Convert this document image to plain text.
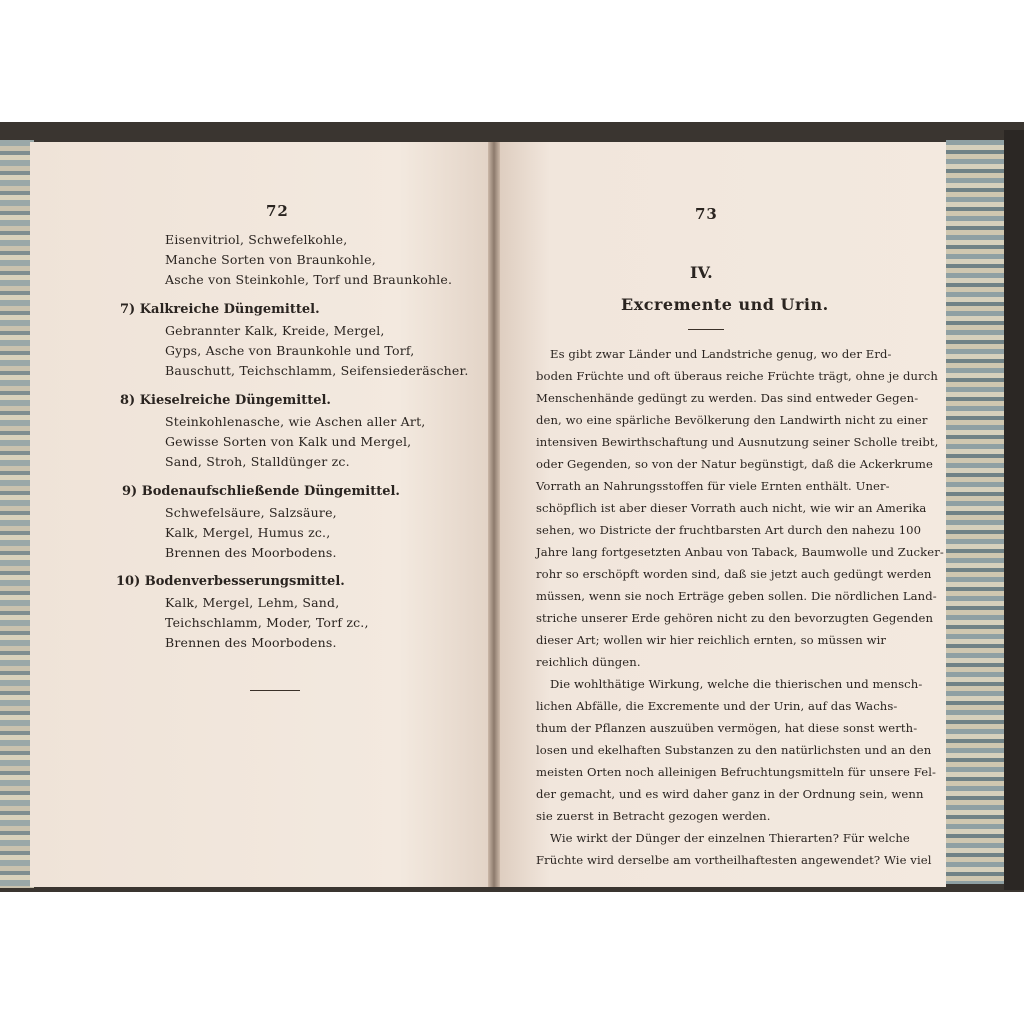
72
Eisenvitriol, Schwefelkohle,
Manche Sorten von Braunkohle,
Asche von Steinkohle, Torf und Braunkohle.
7) Kalkreiche Düngemittel.
Gebrannter Kalk, Kreide, Mergel,
Gyps, Asche von Braunkohle und Torf,
Bauschutt, Teichschlamm, Seifensiederäscher.
8) Kieselreiche Düngemittel.
Steinkohlenasche, wie Aschen aller Art,
Gewisse Sorten von Kalk und Mergel,
Sand, Stroh, Stalldünger zc.
9) Bodenaufschließende Düngemittel.
Schwefelsäure, Salzsäure,
Kalk, Mergel, Humus zc.,
Brennen des Moorbodens.
10) Bodenverbesserungsmittel.
Kalk, Mergel, Lehm, Sand,
Teichschlamm, Moder, Torf zc.,
Brennen des Moorbodens.
73
IV.
Excremente und Urin.
Es gibt zwar Länder und Landstriche genug, wo der Erd-
boden Früchte und oft überaus reiche Früchte trägt, ohne je durch
Menschenhände gedüngt zu werden. Das sind entweder Gegen-
den, wo eine spärliche Bevölkerung den Landwirth nicht zu einer
intensiven Bewirthschaftung und Ausnutzung seiner Scholle treibt,
oder Gegenden, so von der Natur begünstigt, daß die Ackerkrume
Vorrath an Nahrungsstoffen für viele Ernten enthält. Uner-
schöpflich ist aber dieser Vorrath auch nicht, wie wir an Amerika
sehen, wo Districte der fruchtbarsten Art durch den nahezu 100
Jahre lang fortgesetzten Anbau von Taback, Baumwolle und Zucker-
rohr so erschöpft worden sind, daß sie jetzt auch gedüngt werden
müssen, wenn sie noch Erträge geben sollen. Die nördlichen Land-
striche unserer Erde gehören nicht zu den bevorzugten Gegenden
dieser Art; wollen wir hier reichlich ernten, so müssen wir
reichlich düngen.
Die wohlthätige Wirkung, welche die thierischen und mensch-
lichen Abfälle, die Excremente und der Urin, auf das Wachs-
thum der Pflanzen auszuüben vermögen, hat diese sonst werth-
losen und ekelhaften Substanzen zu den natürlichsten und an den
meisten Orten noch alleinigen Befruchtungsmitteln für unsere Fel-
der gemacht, und es wird daher ganz in der Ordnung sein, wenn
sie zuerst in Betracht gezogen werden.
Wie wirkt der Dünger der einzelnen Thierarten? Für welche
Früchte wird derselbe am vortheilhaftesten angewendet? Wie viel
